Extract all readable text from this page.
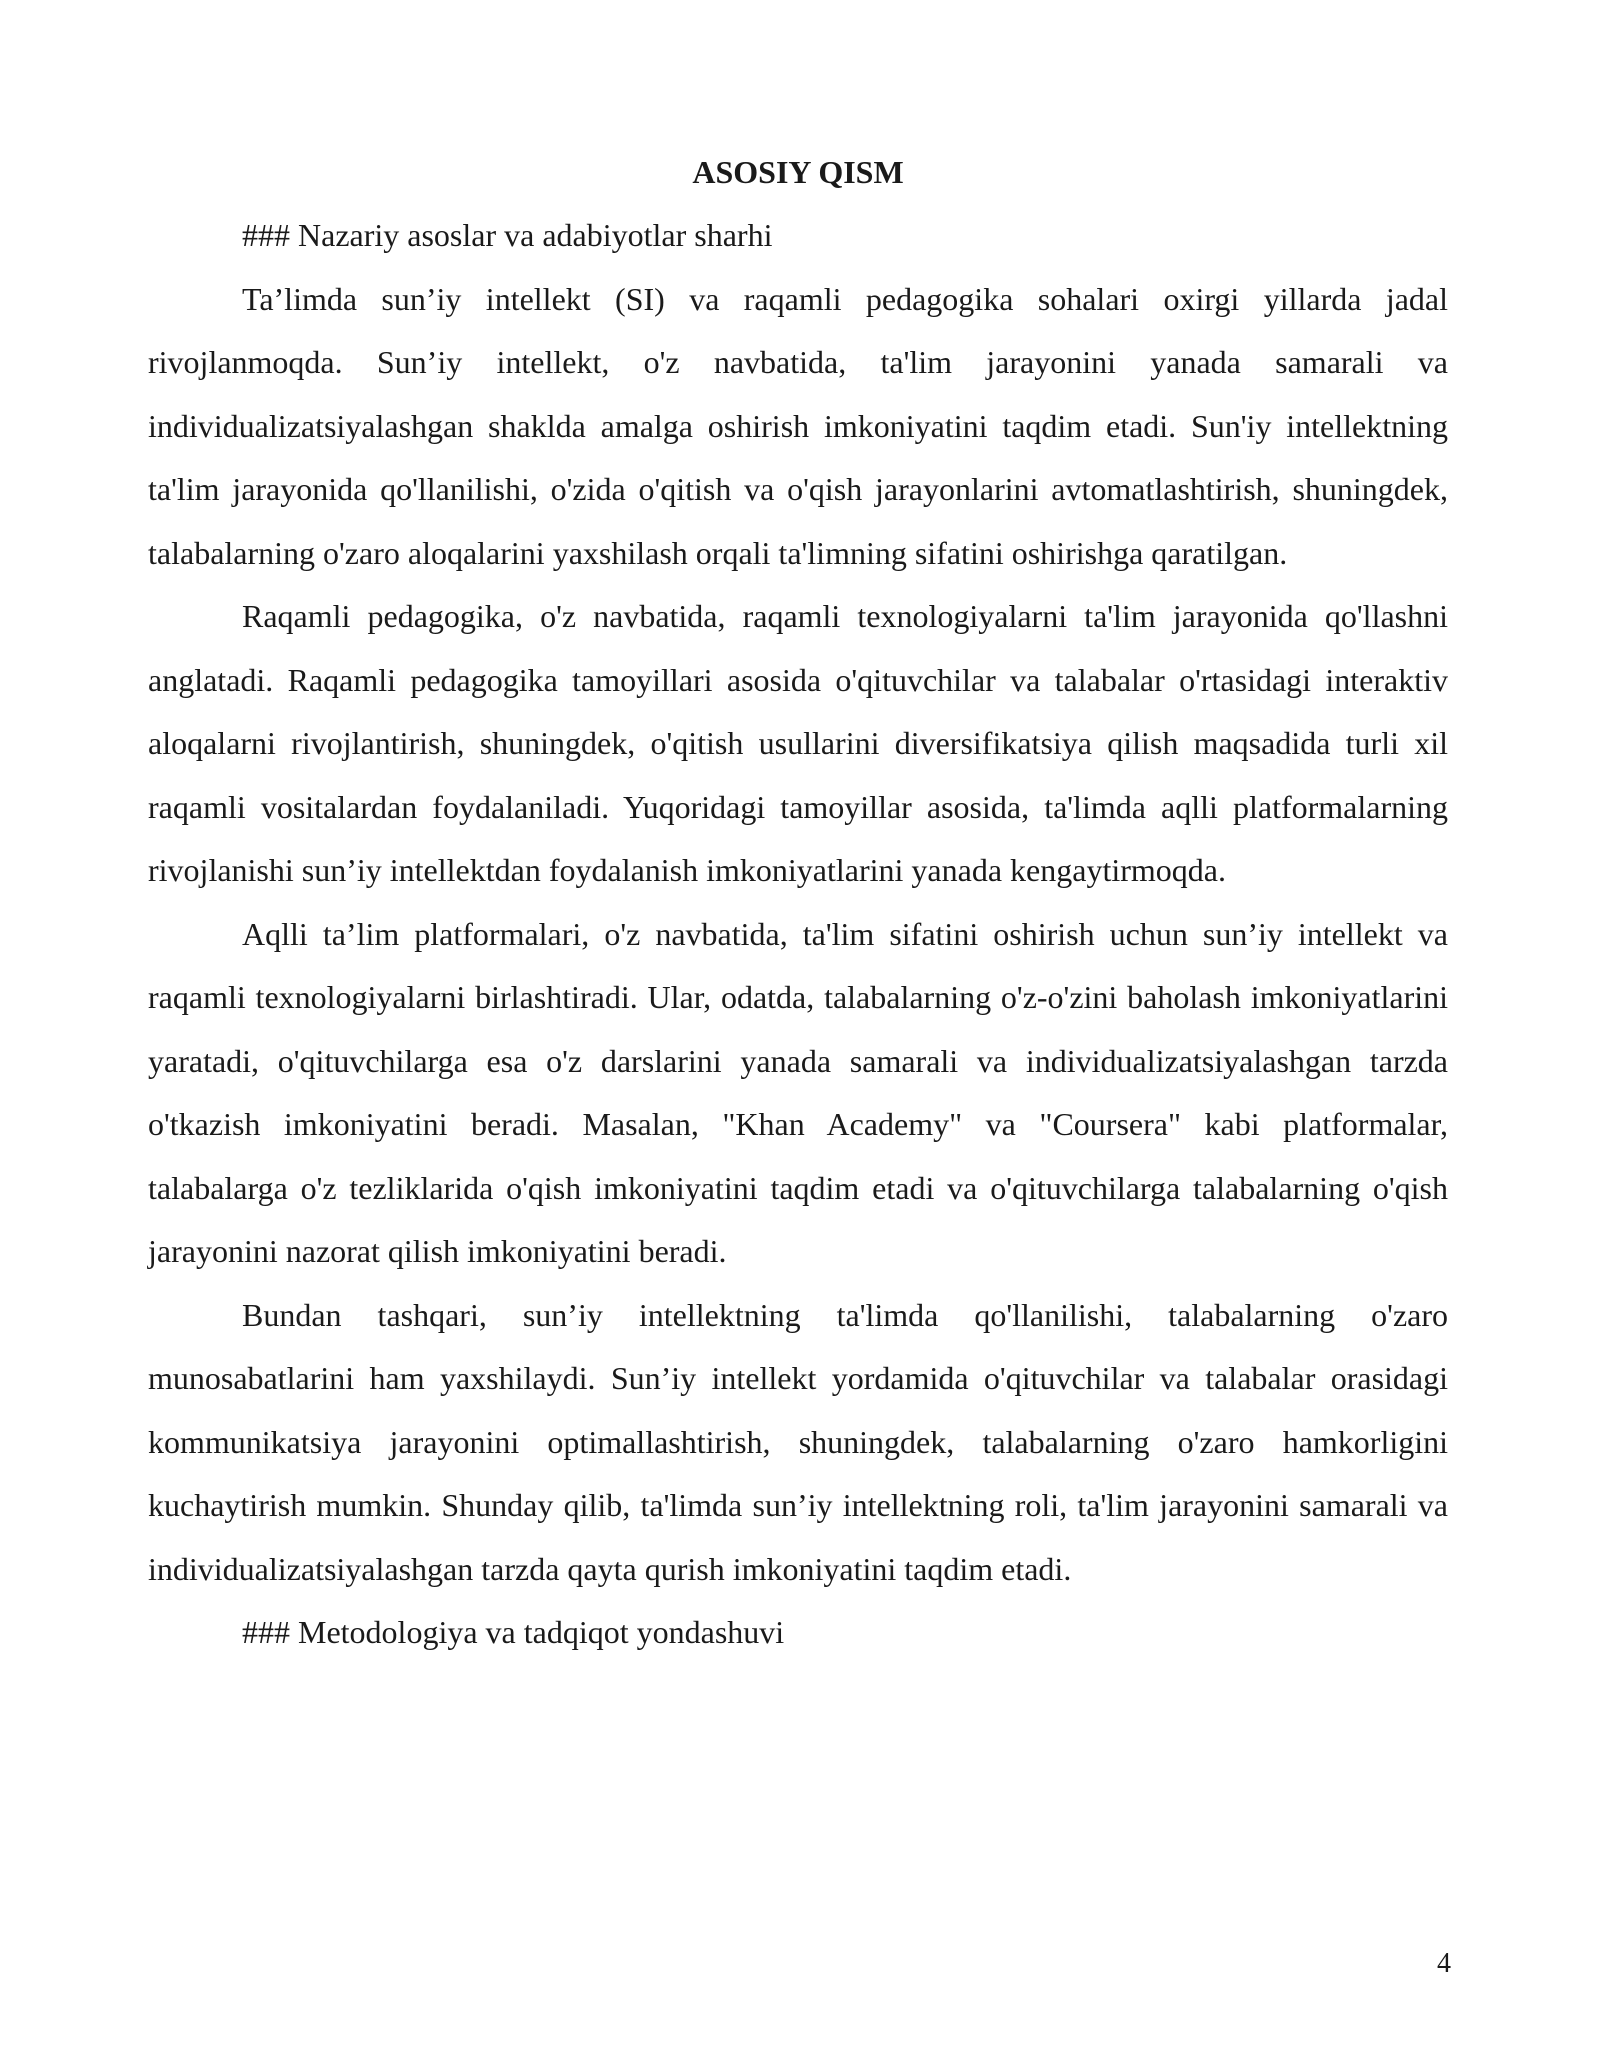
ASOSIY QISM

### Nazariy asoslar va adabiyotlar sharhi

Ta’limda sun’iy intellekt (SI) va raqamli pedagogika sohalari oxirgi yillarda jadal rivojlanmoqda. Sun’iy intellekt, o'z navbatida, ta'lim jarayonini yanada samarali va individualizatsiyalashgan shaklda amalga oshirish imkoniyatini taqdim etadi. Sun'iy intellektning ta'lim jarayonida qo'llanilishi, o'zida o'qitish va o'qish jarayonlarini avtomatlashtirish, shuningdek, talabalarning o'zaro aloqalarini yaxshilash orqali ta'limning sifatini oshirishga qaratilgan.

Raqamli pedagogika, o'z navbatida, raqamli texnologiyalarni ta'lim jarayonida qo'llashni anglatadi. Raqamli pedagogika tamoyillari asosida o'qituvchilar va talabalar o'rtasidagi interaktiv aloqalarni rivojlantirish, shuningdek, o'qitish usullarini diversifikatsiya qilish maqsadida turli xil raqamli vositalardan foydalaniladi. Yuqoridagi tamoyillar asosida, ta'limda aqlli platformalarning rivojlanishi sun’iy intellektdan foydalanish imkoniyatlarini yanada kengaytirmoqda.

Aqlli ta’lim platformalari, o'z navbatida, ta'lim sifatini oshirish uchun sun’iy intellekt va raqamli texnologiyalarni birlashtiradi. Ular, odatda, talabalarning o'z-o'zini baholash imkoniyatlarini yaratadi, o'qituvchilarga esa o'z darslarini yanada samarali va individualizatsiyalashgan tarzda o'tkazish imkoniyatini beradi. Masalan, "Khan Academy" va "Coursera" kabi platformalar, talabalarga o'z tezliklarida o'qish imkoniyatini taqdim etadi va o'qituvchilarga talabalarning o'qish jarayonini nazorat qilish imkoniyatini beradi.

Bundan tashqari, sun’iy intellektning ta'limda qo'llanilishi, talabalarning o'zaro munosabatlarini ham yaxshilaydi. Sun’iy intellekt yordamida o'qituvchilar va talabalar orasidagi kommunikatsiya jarayonini optimallashtirish, shuningdek, talabalarning o'zaro hamkorligini kuchaytirish mumkin. Shunday qilib, ta'limda sun’iy intellektning roli, ta'lim jarayonini samarali va individualizatsiyalashgan tarzda qayta qurish imkoniyatini taqdim etadi.

### Metodologiya va tadqiqot yondashuvi

4
